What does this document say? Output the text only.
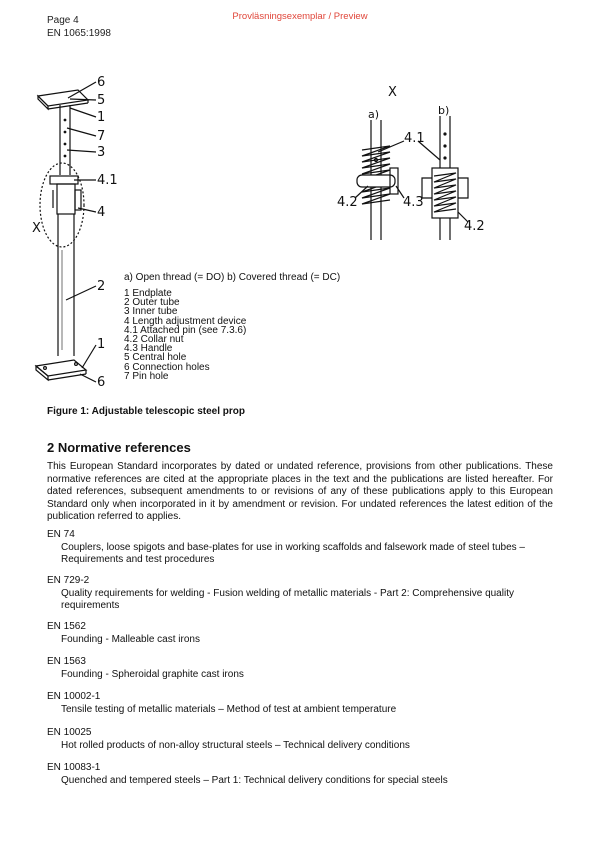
Provläsningsexemplar / Preview
Page 4
EN 1065:1998
6
5
1
7
3
4.1
4
X
2
1
6
X
a)	b)
4.1
4.2	4.3
4.2
a) Open thread (= DO) b) Covered thread (= DC)
1 Endplate
2 Outer tube
3 Inner tube
4 Length adjustment device
4.1 Attached pin (see 7.3.6)
4.2 Collar nut
4.3 Handle
5 Central hole
6 Connection holes
7 Pin hole
Figure 1: Adjustable telescopic steel prop
2 Normative references
This European Standard incorporates by dated or undated reference, provisions from other publications. These normative references are cited at the appropriate places in the text and the publications are listed hereafter. For dated references, subsequent amendments to or revisions of any of these publications apply to this European Standard only when incorporated in it by amendment or revision. For undated references the latest edition of the publication referred to applies.
EN 74
Couplers, loose spigots and base-plates for use in working scaffolds and falsework made of steel tubes – Requirements and test procedures
EN 729-2
Quality requirements for welding - Fusion welding of metallic materials - Part 2: Comprehensive quality requirements
EN 1562
Founding - Malleable cast irons
EN 1563
Founding - Spheroidal graphite cast irons
EN 10002-1
Tensile testing of metallic materials – Method of test at ambient temperature
EN 10025
Hot rolled products of non-alloy structural steels – Technical delivery conditions
EN 10083-1
Quenched and tempered steels – Part 1: Technical delivery conditions for special steels
